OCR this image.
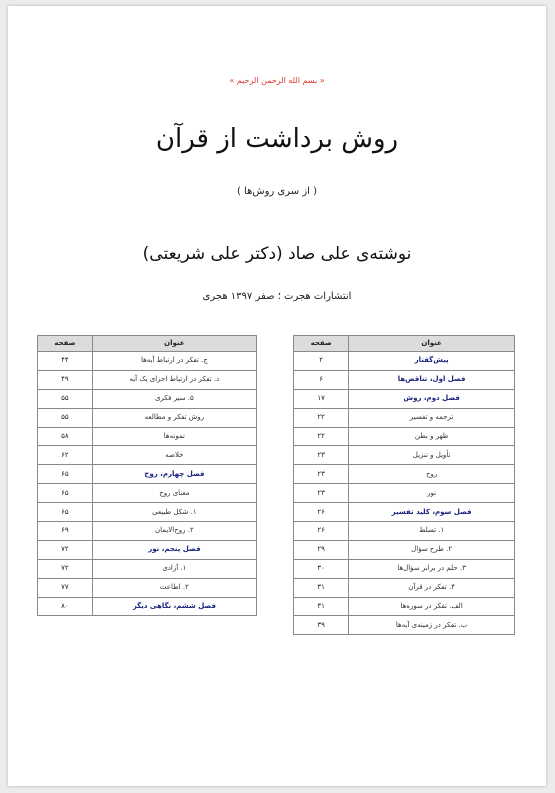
« بسم الله الرحمن الرحیم »
روش برداشت از قرآن
( از سری روش‌ها )
نوشته‌ی علی صاد (دکتر علی شریعتی)
انتشارات هجرت ؛ صفر ۱۳۹۷ هجری
عنوان	صفحه
پیش‌گفتار	۲
فصل اول، تناقض‌ها	۶
فصل دوم، روش	۱۷
ترجمه و تفسیر	۲۲
ظهر و بطن	۲۲
تأویل و تنزیل	۲۳
روح	۲۳
نور	۲۳
فصل سوم، کلید تفسیر	۲۶
۱. تسلط	۲۶
۲. طرح سؤال	۲۹
۳. حلم در برابر سؤال‌ها	۳۰
۴. تفکر در قرآن	۳۱
الف. تفکر در سوره‌ها	۳۱
ب. تفکر در زمینه‌ی آیه‌ها	۳۹
عنوان	صفحه
ج. تفکر در ارتباط آیه‌ها	۴۴
د. تفکر در ارتباط اجزای یک آیه	۴۹
۵. سیر فکری	۵۵
روش تفکر و مطالعه	۵۵
نمونه‌ها	۵۸
خلاصه	۶۲
فصل چهارم، روح	۶۵
معنای روح	۶۵
۱. شکل طبیعی	۶۵
۲. روح‌الایمان	۶۹
فصل پنجم، نور	۷۲
۱. آزادی	۷۲
۲. اطاعت	۷۷
فصل ششم، نگاهی دیگر	۸۰
